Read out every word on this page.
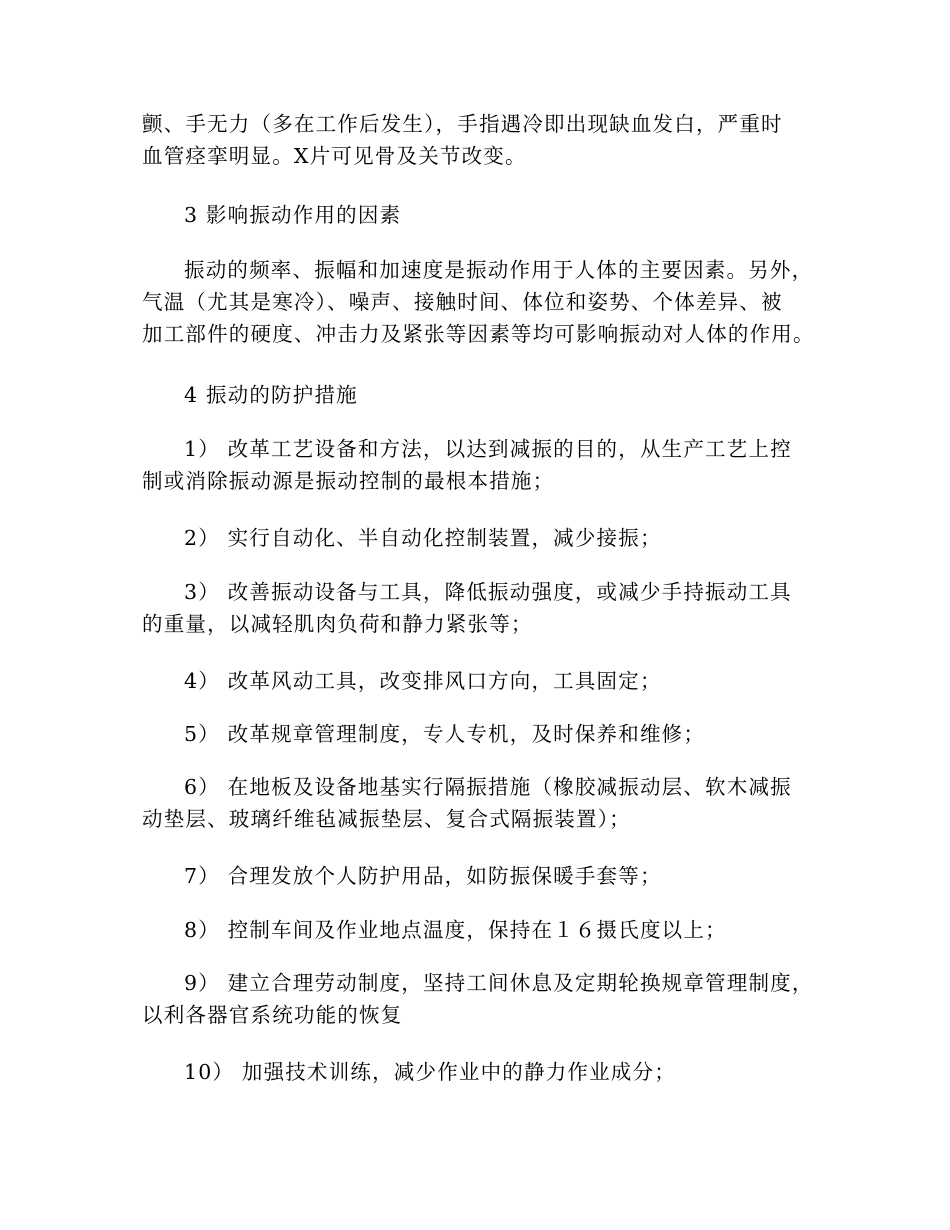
颤、手无力（多在工作后发生），手指遇冷即出现缺血发白，严重时
血管痉挛明显。X片可见骨及关节改变。

3 影响振动作用的因素

振动的频率、振幅和加速度是振动作用于人体的主要因素。另外，
气温（尤其是寒冷）、噪声、接触时间、体位和姿势、个体差异、被
加工部件的硬度、冲击力及紧张等因素等均可影响振动对人体的作用。

4 振动的防护措施

1） 改革工艺设备和方法，以达到减振的目的，从生产工艺上控
制或消除振动源是振动控制的最根本措施；

2） 实行自动化、半自动化控制装置，减少接振；

3） 改善振动设备与工具，降低振动强度，或减少手持振动工具
的重量，以减轻肌肉负荷和静力紧张等；

4） 改革风动工具，改变排风口方向，工具固定；

5） 改革规章管理制度，专人专机，及时保养和维修；

6） 在地板及设备地基实行隔振措施（橡胶减振动层、软木减振
动垫层、玻璃纤维毡减振垫层、复合式隔振装置）；

7） 合理发放个人防护用品，如防振保暖手套等；

8） 控制车间及作业地点温度，保持在１６摄氏度以上；

9） 建立合理劳动制度，坚持工间休息及定期轮换规章管理制度，
以利各器官系统功能的恢复

10） 加强技术训练，减少作业中的静力作业成分；
